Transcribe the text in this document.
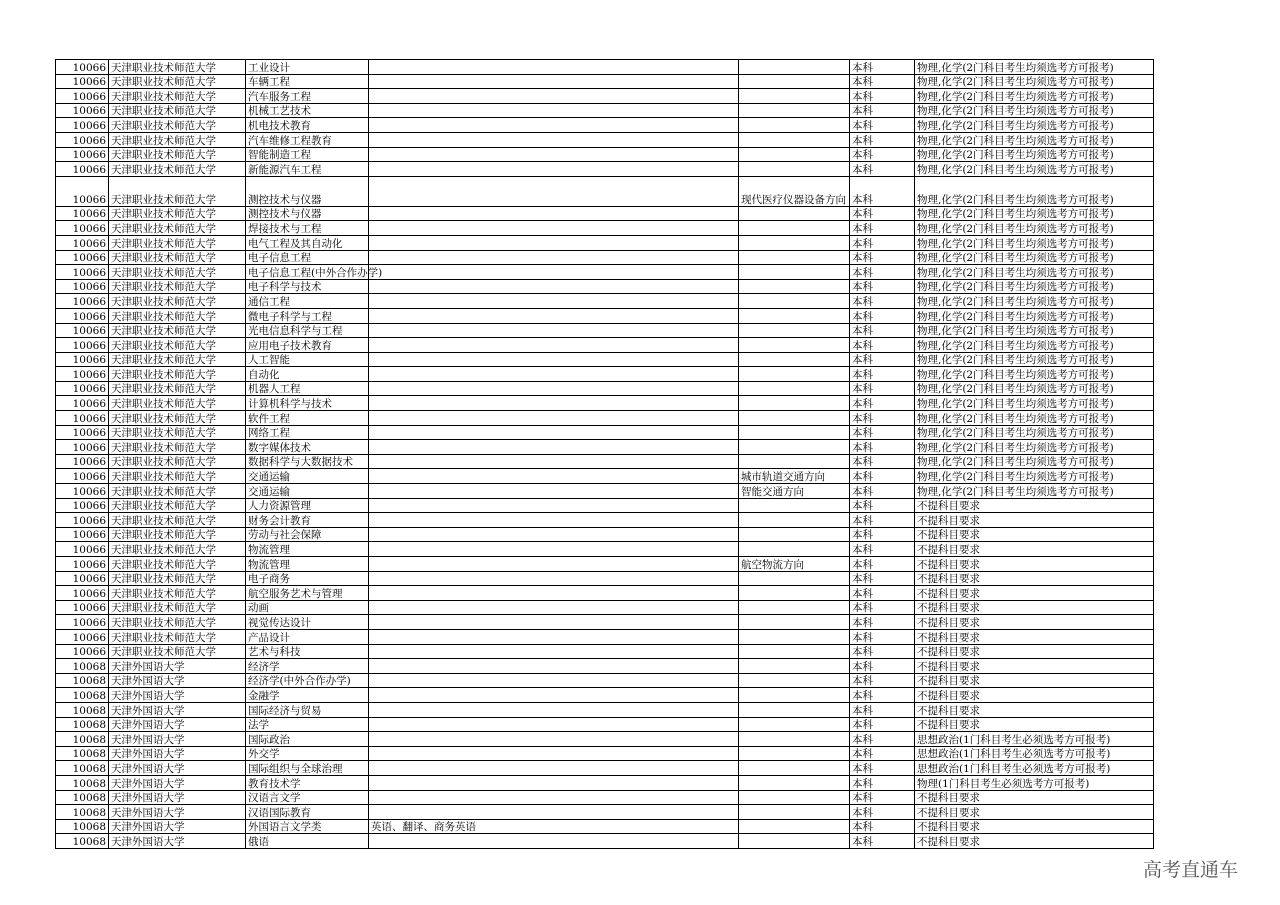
10066	天津职业技术师范大学	工业设计			本科	物理,化学(2门科目考生均须选考方可报考)
10066	天津职业技术师范大学	车辆工程			本科	物理,化学(2门科目考生均须选考方可报考)
10066	天津职业技术师范大学	汽车服务工程			本科	物理,化学(2门科目考生均须选考方可报考)
10066	天津职业技术师范大学	机械工艺技术			本科	物理,化学(2门科目考生均须选考方可报考)
10066	天津职业技术师范大学	机电技术教育			本科	物理,化学(2门科目考生均须选考方可报考)
10066	天津职业技术师范大学	汽车维修工程教育			本科	物理,化学(2门科目考生均须选考方可报考)
10066	天津职业技术师范大学	智能制造工程			本科	物理,化学(2门科目考生均须选考方可报考)
10066	天津职业技术师范大学	新能源汽车工程			本科	物理,化学(2门科目考生均须选考方可报考)
10066	天津职业技术师范大学	测控技术与仪器		现代医疗仪器设备方向	本科	物理,化学(2门科目考生均须选考方可报考)
10066	天津职业技术师范大学	测控技术与仪器			本科	物理,化学(2门科目考生均须选考方可报考)
10066	天津职业技术师范大学	焊接技术与工程			本科	物理,化学(2门科目考生均须选考方可报考)
10066	天津职业技术师范大学	电气工程及其自动化			本科	物理,化学(2门科目考生均须选考方可报考)
10066	天津职业技术师范大学	电子信息工程			本科	物理,化学(2门科目考生均须选考方可报考)
10066	天津职业技术师范大学	电子信息工程(中外合作办学)			本科	物理,化学(2门科目考生均须选考方可报考)
10066	天津职业技术师范大学	电子科学与技术			本科	物理,化学(2门科目考生均须选考方可报考)
10066	天津职业技术师范大学	通信工程			本科	物理,化学(2门科目考生均须选考方可报考)
10066	天津职业技术师范大学	微电子科学与工程			本科	物理,化学(2门科目考生均须选考方可报考)
10066	天津职业技术师范大学	光电信息科学与工程			本科	物理,化学(2门科目考生均须选考方可报考)
10066	天津职业技术师范大学	应用电子技术教育			本科	物理,化学(2门科目考生均须选考方可报考)
10066	天津职业技术师范大学	人工智能			本科	物理,化学(2门科目考生均须选考方可报考)
10066	天津职业技术师范大学	自动化			本科	物理,化学(2门科目考生均须选考方可报考)
10066	天津职业技术师范大学	机器人工程			本科	物理,化学(2门科目考生均须选考方可报考)
10066	天津职业技术师范大学	计算机科学与技术			本科	物理,化学(2门科目考生均须选考方可报考)
10066	天津职业技术师范大学	软件工程			本科	物理,化学(2门科目考生均须选考方可报考)
10066	天津职业技术师范大学	网络工程			本科	物理,化学(2门科目考生均须选考方可报考)
10066	天津职业技术师范大学	数字媒体技术			本科	物理,化学(2门科目考生均须选考方可报考)
10066	天津职业技术师范大学	数据科学与大数据技术			本科	物理,化学(2门科目考生均须选考方可报考)
10066	天津职业技术师范大学	交通运输		城市轨道交通方向	本科	物理,化学(2门科目考生均须选考方可报考)
10066	天津职业技术师范大学	交通运输		智能交通方向	本科	物理,化学(2门科目考生均须选考方可报考)
10066	天津职业技术师范大学	人力资源管理			本科	不提科目要求
10066	天津职业技术师范大学	财务会计教育			本科	不提科目要求
10066	天津职业技术师范大学	劳动与社会保障			本科	不提科目要求
10066	天津职业技术师范大学	物流管理			本科	不提科目要求
10066	天津职业技术师范大学	物流管理		航空物流方向	本科	不提科目要求
10066	天津职业技术师范大学	电子商务			本科	不提科目要求
10066	天津职业技术师范大学	航空服务艺术与管理			本科	不提科目要求
10066	天津职业技术师范大学	动画			本科	不提科目要求
10066	天津职业技术师范大学	视觉传达设计			本科	不提科目要求
10066	天津职业技术师范大学	产品设计			本科	不提科目要求
10066	天津职业技术师范大学	艺术与科技			本科	不提科目要求
10068	天津外国语大学	经济学			本科	不提科目要求
10068	天津外国语大学	经济学(中外合作办学)			本科	不提科目要求
10068	天津外国语大学	金融学			本科	不提科目要求
10068	天津外国语大学	国际经济与贸易			本科	不提科目要求
10068	天津外国语大学	法学			本科	不提科目要求
10068	天津外国语大学	国际政治			本科	思想政治(1门科目考生必须选考方可报考)
10068	天津外国语大学	外交学			本科	思想政治(1门科目考生必须选考方可报考)
10068	天津外国语大学	国际组织与全球治理			本科	思想政治(1门科目考生必须选考方可报考)
10068	天津外国语大学	教育技术学			本科	物理(1门科目考生必须选考方可报考)
10068	天津外国语大学	汉语言文学			本科	不提科目要求
10068	天津外国语大学	汉语国际教育			本科	不提科目要求
10068	天津外国语大学	外国语言文学类	英语、翻译、商务英语		本科	不提科目要求
10068	天津外国语大学	俄语			本科	不提科目要求
高考直通车
